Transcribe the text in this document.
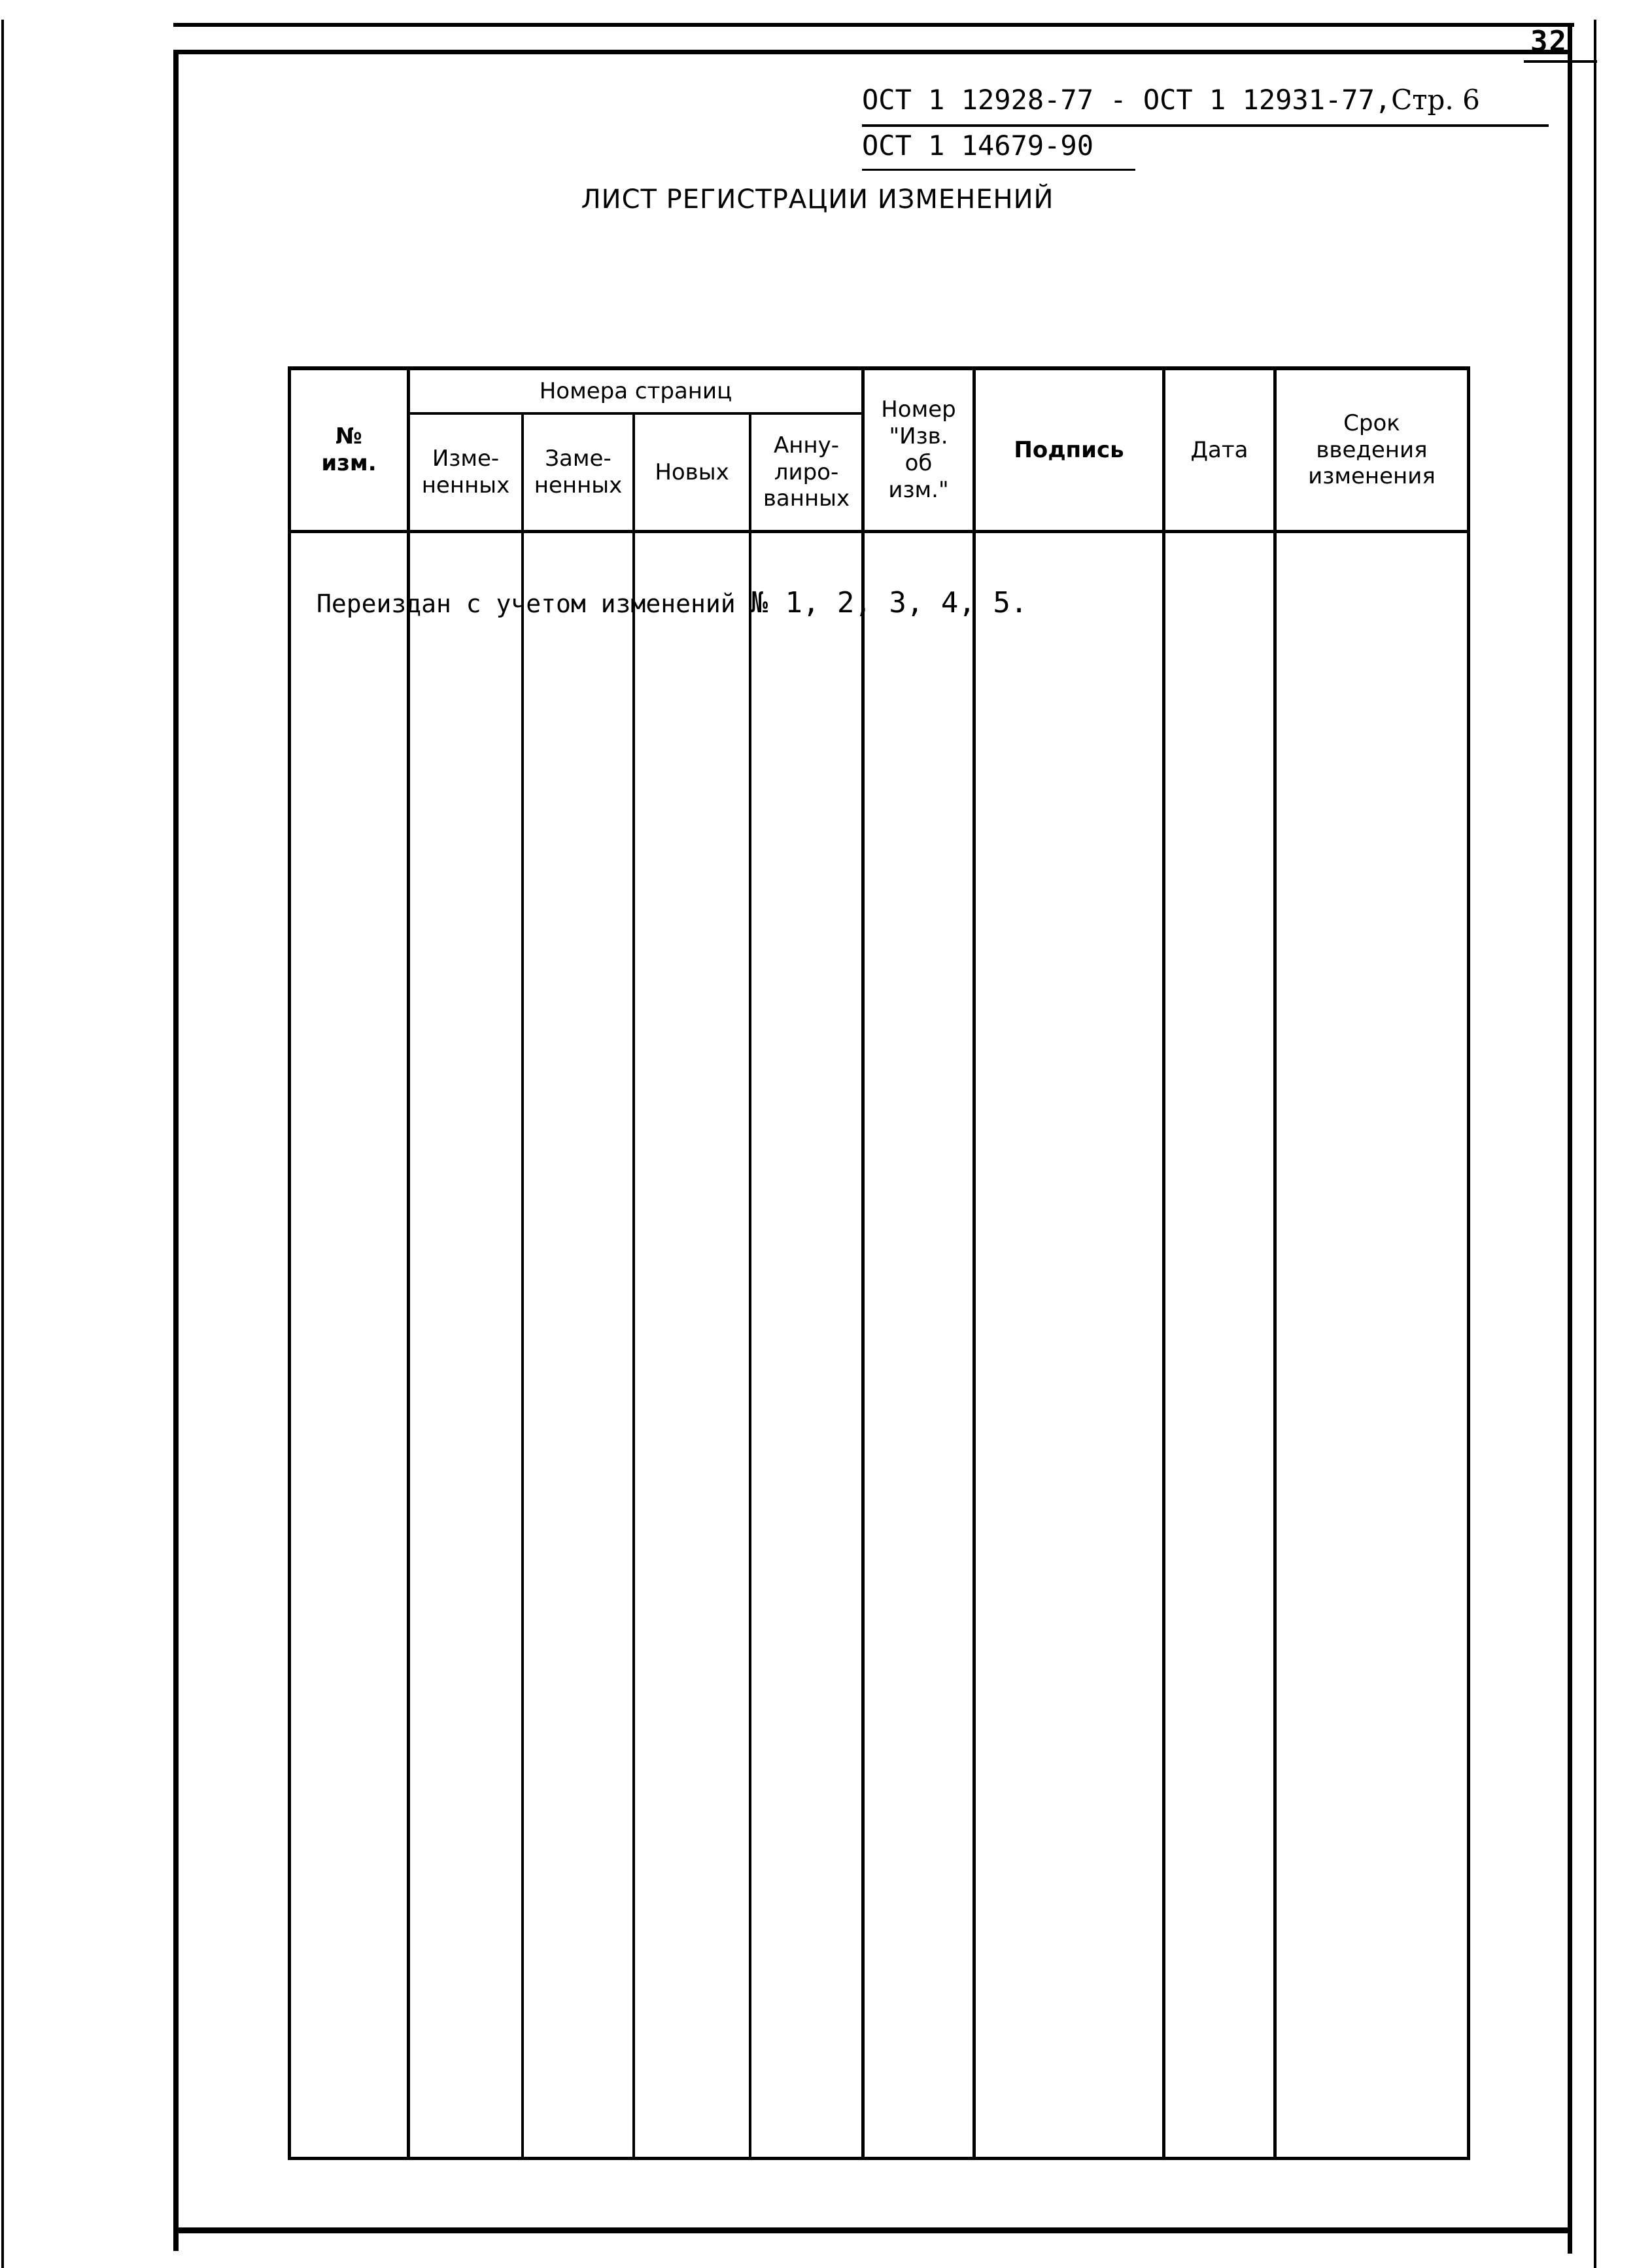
32
ОСТ 1 12928-77 - ОСТ 1 12931-77,Стр. 6
ОСТ 1 14679-90
ЛИСТ РЕГИСТРАЦИИ ИЗМЕНЕНИЙ
Номера страниц
№
изм.	Изме-
ненных
Заме-
ненных
Новых
Анну-
лиро-
ванных
Номер
"Изв.
об
изм."
Подпись	Дата
Срок
введения
изменения
Переиздан с учетом изменений № 1, 2, 3, 4, 5.
